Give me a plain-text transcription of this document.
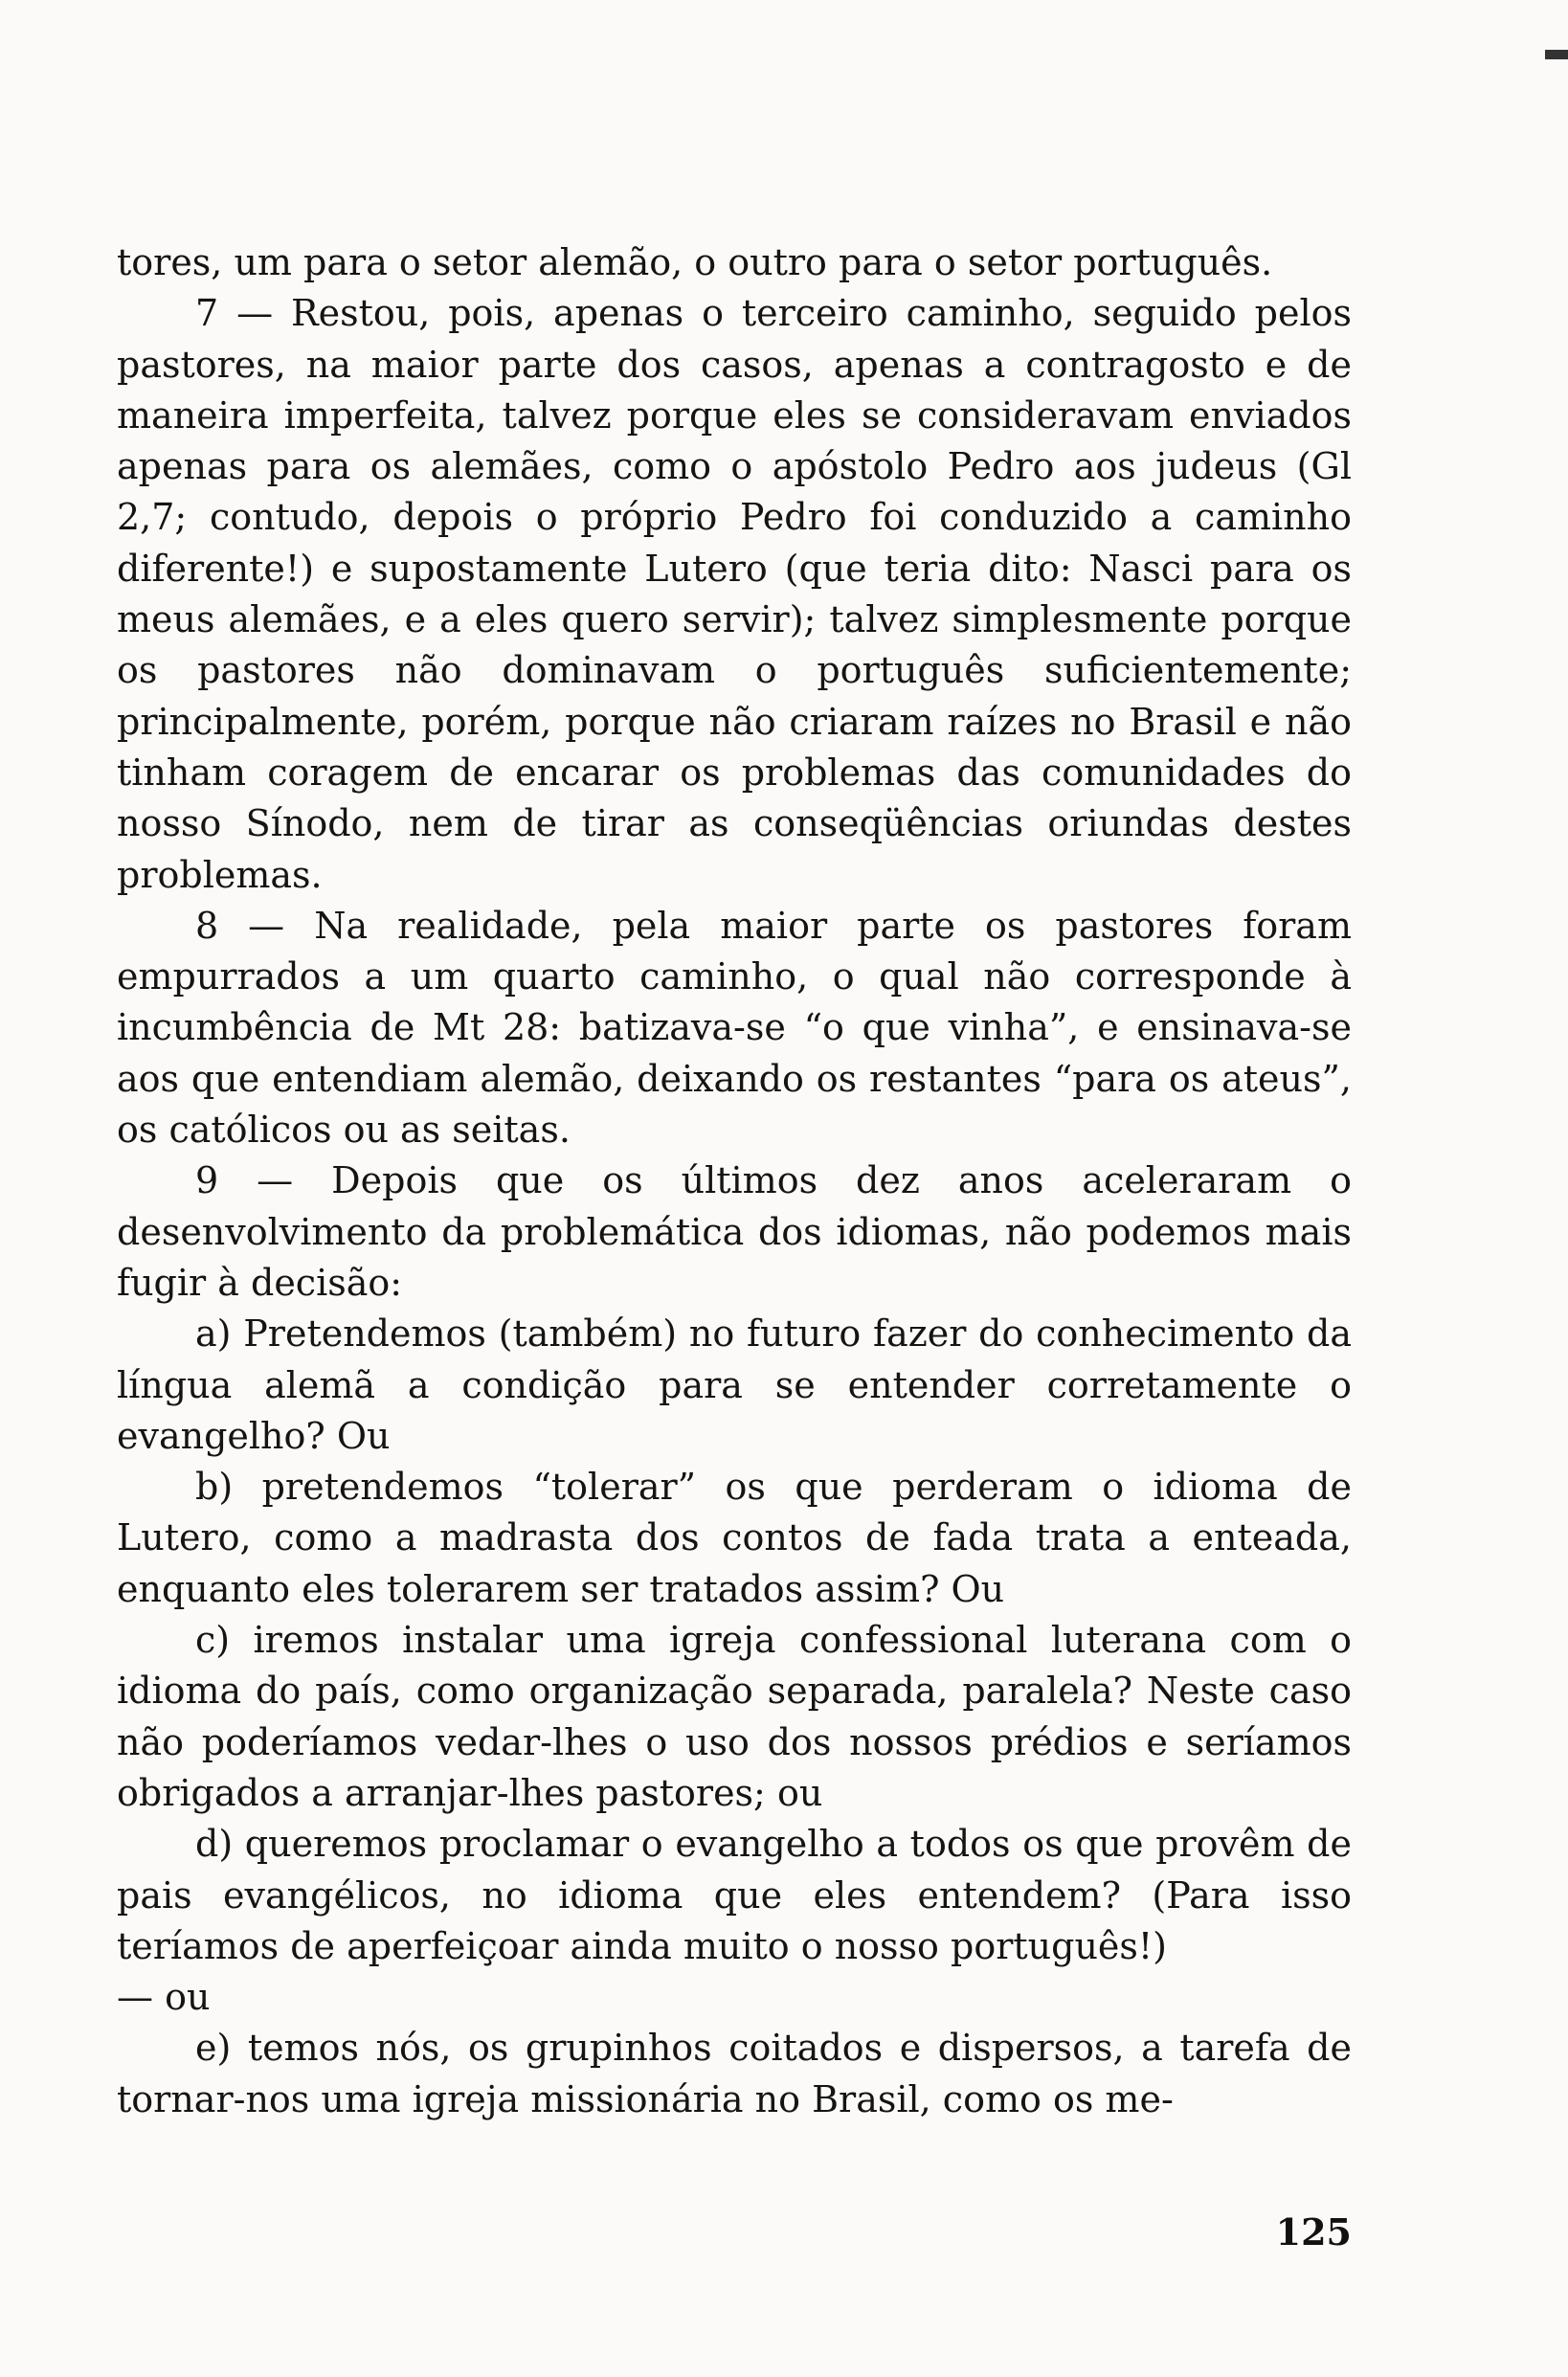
tores, um para o setor alemão, o outro para o setor português.

7 — Restou, pois, apenas o terceiro caminho, seguido pelos pastores, na maior parte dos casos, apenas a contragosto e de maneira imperfeita, talvez porque eles se consideravam enviados apenas para os alemães, como o apóstolo Pedro aos judeus (Gl 2,7; contudo, depois o próprio Pedro foi conduzido a caminho diferente!) e supostamente Lutero (que teria dito: Nasci para os meus alemães, e a eles quero servir); talvez simplesmente porque os pastores não dominavam o português suficientemente; principalmente, porém, porque não criaram raízes no Brasil e não tinham coragem de encarar os problemas das comunidades do nosso Sínodo, nem de tirar as conseqüências oriundas destes problemas.

8 — Na realidade, pela maior parte os pastores foram empurrados a um quarto caminho, o qual não corresponde à incumbência de Mt 28: batizava-se “o que vinha”, e ensinava-se aos que entendiam alemão, deixando os restantes “para os ateus”, os católicos ou as seitas.

9 — Depois que os últimos dez anos aceleraram o desenvolvimento da problemática dos idiomas, não podemos mais fugir à decisão:

a) Pretendemos (também) no futuro fazer do conhecimento da língua alemã a condição para se entender corretamente o evangelho? Ou

b) pretendemos “tolerar” os que perderam o idioma de Lutero, como a madrasta dos contos de fada trata a enteada, enquanto eles tolerarem ser tratados assim? Ou

c) iremos instalar uma igreja confessional luterana com o idioma do país, como organização separada, paralela? Neste caso não poderíamos vedar-lhes o uso dos nossos prédios e seríamos obrigados a arranjar-lhes pastores; ou

d) queremos proclamar o evangelho a todos os que provêm de pais evangélicos, no idioma que eles entendem? (Para isso teríamos de aperfeiçoar ainda muito o nosso português!)

— ou

e) temos nós, os grupinhos coitados e dispersos, a tarefa de tornar-nos uma igreja missionária no Brasil, como os me-

125
